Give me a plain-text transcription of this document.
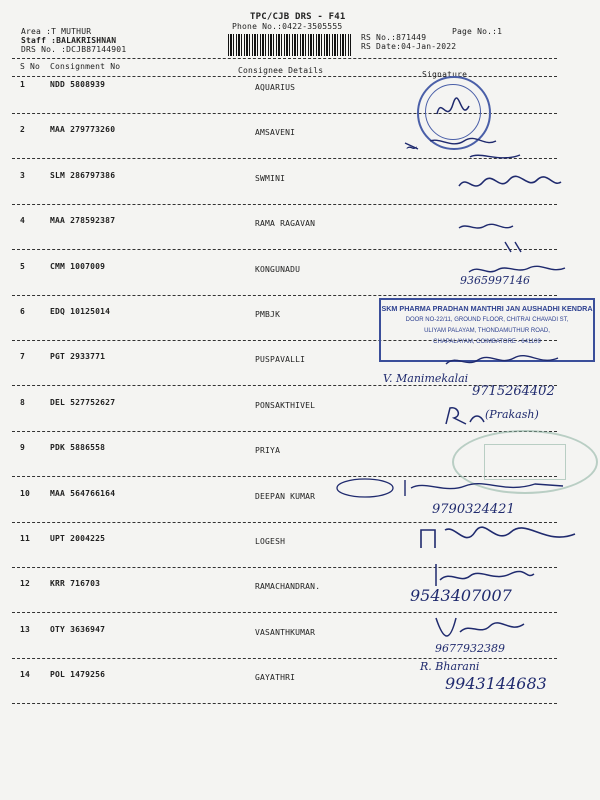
TPC/CJB DRS - F41
Phone No.:0422-3505555
Area :T MUTHUR
Staff :BALAKRISHNAN
DRS No. :DCJB87144901
Page No.:1
RS No.:871449
RS Date:04-Jan-2022
S No Consignment No	Consignee Details	Signature
1	NDD 5808939	AQUARIUS
2	MAA 279773260	AMSAVENI
3	SLM 286797386	SWMINI
4	MAA 278592387	RAMA RAGAVAN
5	CMM 1007009	KONGUNADU
6	EDQ 10125014	PMBJK
7	PGT 2933771	PUSPAVALLI
8	DEL 527752627	PONSAKTHIVEL
9	PDK 5886558	PRIYA
10 MAA 564766164	DEEPAN KUMAR
11 UPT 2004225	LOGESH
12 KRR 716703	RAMACHANDRAN.
13 OTY 3636947	VASANTHKUMAR
14 POL 1479256	GAYATHRI
SKM PHARMA PRADHAN MANTHRI JAN AUSHADHI KENDRA
DOOR NO-22/11, GROUND FLOOR, CHITRAI CHAVADI ST,
ULIYAM PALAYAM, THONDAMUTHUR ROAD,
CHAPALAYAM, COIMBATORE - 641109
~
9365997146
V. Manimekalai
9715264402
(Prakash)
9790324421
9543407007
9677932389
R. Bharani
9943144683
